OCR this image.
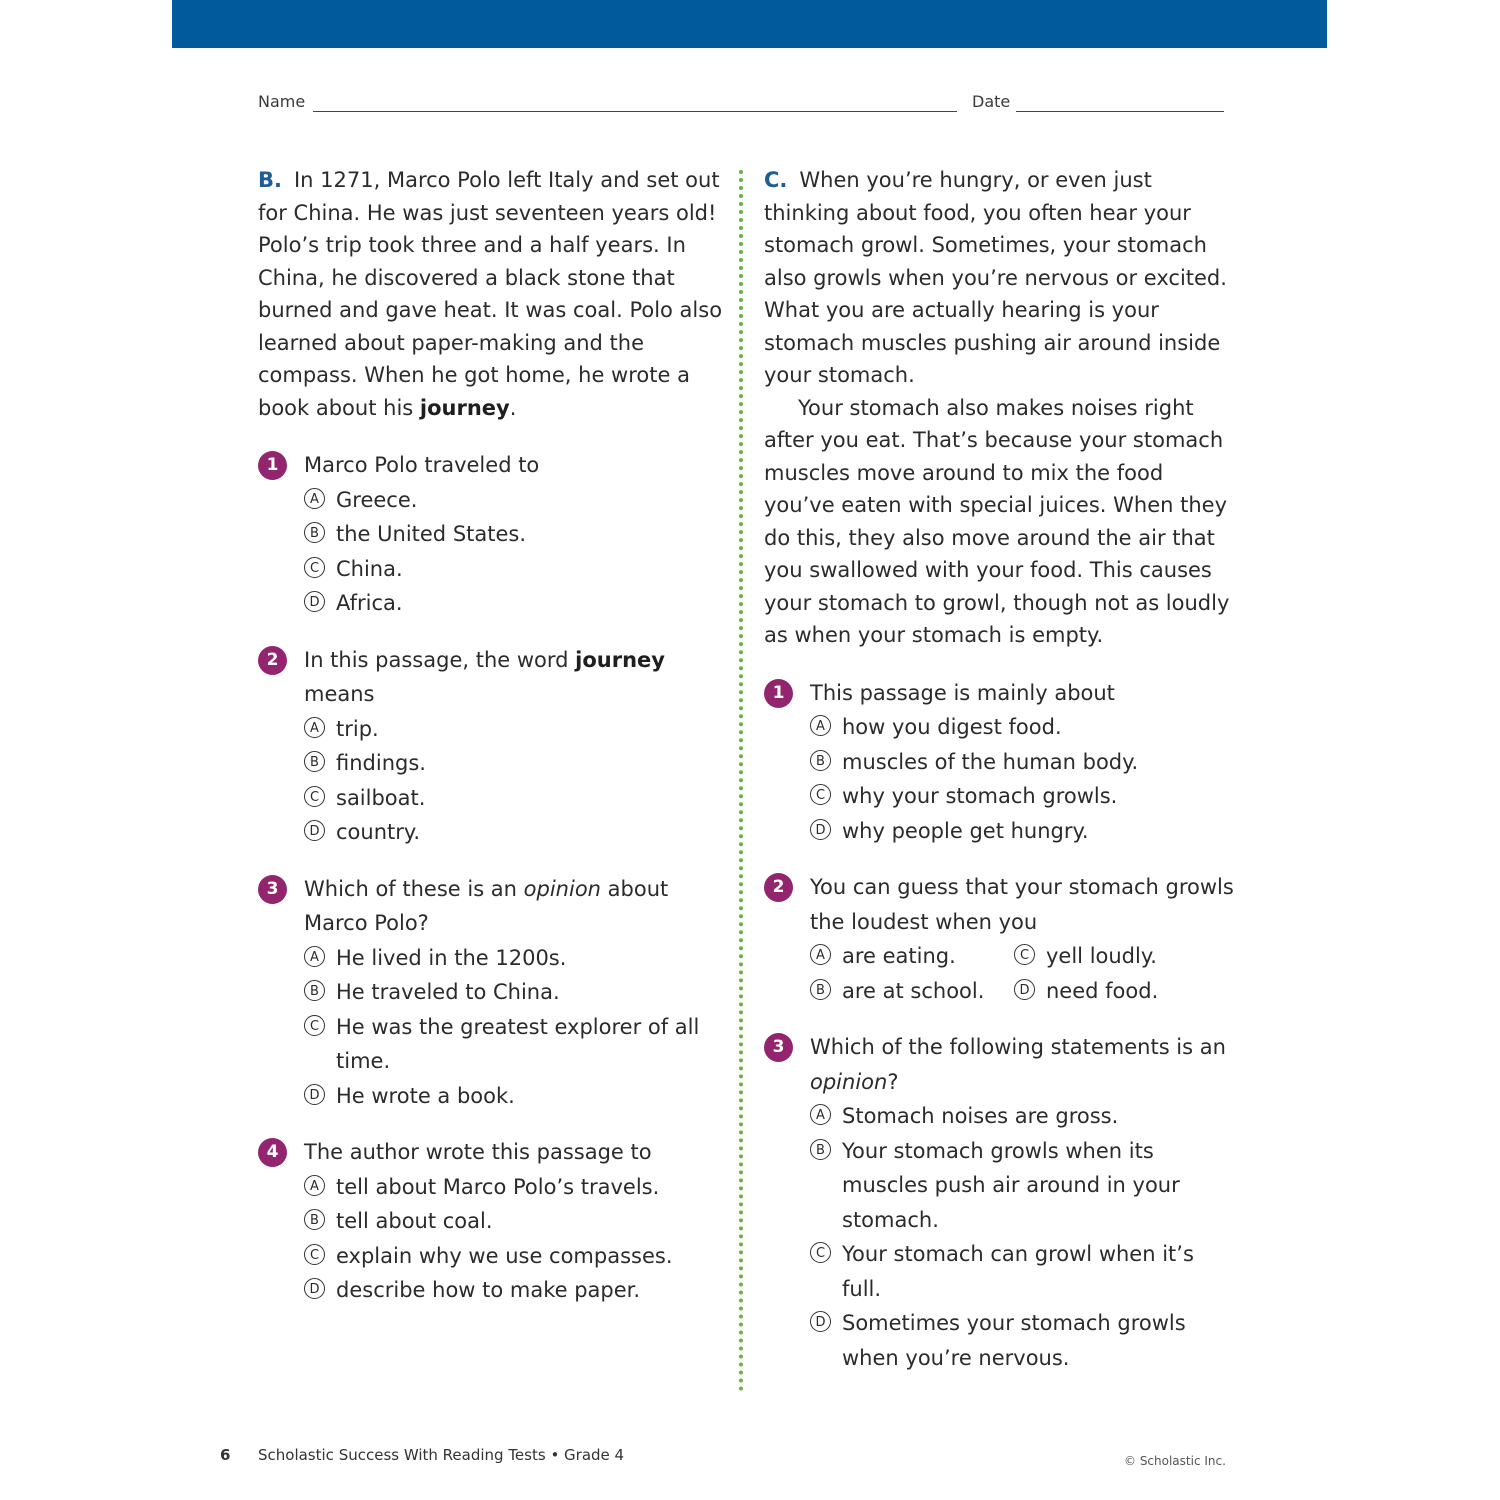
Name	Date

B. In 1271, Marco Polo left Italy and set out for China. He was just seventeen years old! Polo’s trip took three and a half years. In China, he discovered a black stone that burned and gave heat. It was coal. Polo also learned about paper-making and the compass. When he got home, he wrote a book about his journey.

1	Marco Polo traveled to
A Greece.
B the United States.
C China.
D Africa.
2	In this passage, the word journey means
A trip.
B findings.
C sailboat.
D country.
3	Which of these is an opinion about Marco Polo?
A He lived in the 1200s.
B He traveled to China.
C He was the greatest explorer of all time.
D He wrote a book.
4	The author wrote this passage to
A tell about Marco Polo’s travels.
B tell about coal.
C explain why we use compasses.
D describe how to make paper.

C. When you’re hungry, or even just thinking about food, you often hear your stomach growl. Sometimes, your stomach also growls when you’re nervous or excited. What you are actually hearing is your stomach muscles pushing air around inside your stomach.

Your stomach also makes noises right after you eat. That’s because your stomach muscles move around to mix the food you’ve eaten with special juices. When they do this, they also move around the air that you swallowed with your food. This causes your stomach to growl, though not as loudly as when your stomach is empty.

1	This passage is mainly about
A how you digest food.
B muscles of the human body.
C why your stomach growls.
D why people get hungry.
2	You can guess that your stomach growls the loudest when you
A are eating.	C yell loudly.
B are at school.	D need food.
3	Which of the following statements is an opinion?
A Stomach noises are gross.
B Your stomach growls when its muscles push air around in your stomach.
C Your stomach can growl when it’s full.
D Sometimes your stomach growls when you’re nervous.
6 Scholastic Success With Reading Tests • Grade 4	© Scholastic Inc.
